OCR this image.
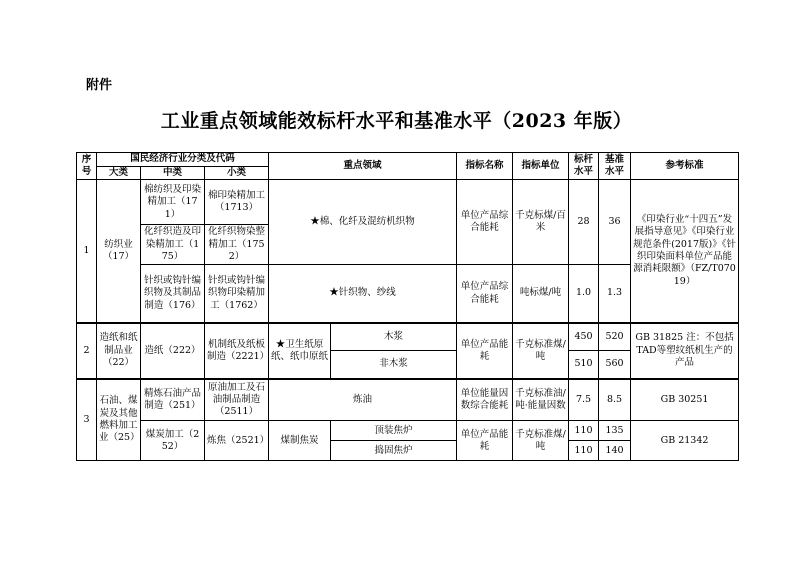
附件
工业重点领域能效标杆水平和基准水平（2023 年版）
序号	国民经济行业分类及代码			重点领域		指标名称	指标单位	标杆水平	基准水平	参考标准
	大类	中类	小类							
1	纺织业（17）	棉纺织及印染精加工（171）	棉印染精加工（1713）	★棉、化纤及混纺机织物		单位产品综合能耗	千克标煤/百米	28	36	《印染行业“十四五”发展指导意见》《印染行业规范条件(2017版)》《针织印染面料单位产品能源消耗限额》（FZ/T07019）
		化纤织造及印染精加工（175）	化纤织物染整精加工（1752）							
		针织或钩针编织物及其制品制造（176）	针织或钩针编织物印染精加工（1762）	★针织物、纱线		单位产品综合能耗	吨标煤/吨	1.0	1.3	
2	造纸和纸制品业（22）	造纸（222）	机制纸及纸板制造（2221）	★卫生纸原纸、纸巾原纸	木浆	单位产品能耗	千克标准煤/吨	450	520	GB 31825 注：不包括TAD等塑纹纸机生产的产品
					非木浆			510	560	
3	石油、煤炭及其他燃料加工业（25）	精炼石油产品制造（251）	原油加工及石油制品制造（2511）	炼油		单位能量因数综合能耗	千克标准油/吨·能量因数	7.5	8.5	GB 30251
		煤炭加工（252）	炼焦（2521）	煤制焦炭	顶装焦炉	单位产品能耗	千克标准煤/吨	110	135	GB 21342
					捣固焦炉			110	140	
